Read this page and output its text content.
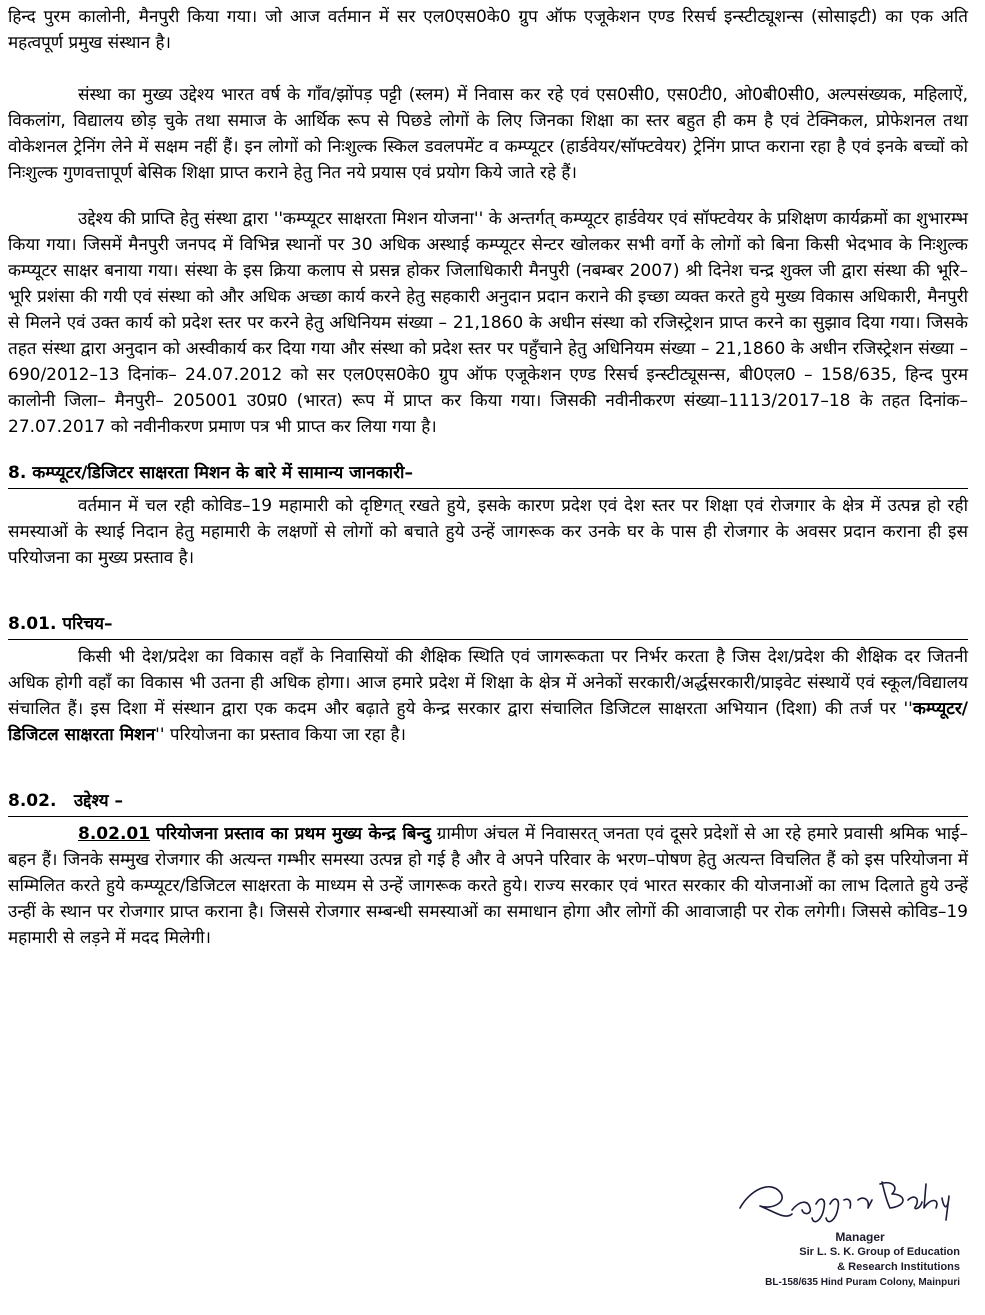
हिन्द पुरम कालोनी, मैनपुरी किया गया। जो आज वर्तमान में सर एल0एस0के0 ग्रुप ऑफ एजूकेशन एण्ड रिसर्च इन्स्टीट्यूशन्स (सोसाइटी) का एक अति महत्वपूर्ण प्रमुख संस्थान है।

संस्था का मुख्य उद्देश्य भारत वर्ष के गाँव/झोंपड़ पट्टी (स्लम) में निवास कर रहे एवं एस0सी0, एस0टी0, ओ0बी0सी0, अल्पसंख्यक, महिलाऐं, विकलांग, विद्यालय छोड़ चुके तथा समाज के आर्थिक रूप से पिछडे लोगों के लिए जिनका शिक्षा का स्तर बहुत ही कम है एवं टेक्निकल, प्रोफेशनल तथा वोकेशनल ट्रेनिंग लेने में सक्षम नहीं हैं। इन लोगों को निःशुल्क स्किल डवलपमेंट व कम्प्यूटर (हार्डवेयर/सॉफ्टवेयर) ट्रेनिंग प्राप्त कराना रहा है एवं इनके बच्चों को निःशुल्क गुणवत्तापूर्ण बेसिक शिक्षा प्राप्त कराने हेतु नित नये प्रयास एवं प्रयोग किये जाते रहे हैं।

उद्देश्य की प्राप्ति हेतु संस्था द्वारा ''कम्प्यूटर साक्षरता मिशन योजना'' के अन्तर्गत् कम्प्यूटर हार्डवेयर एवं सॉफ्टवेयर के प्रशिक्षण कार्यक्रमों का शुभारम्भ किया गया। जिसमें मैनपुरी जनपद में विभिन्न स्थानों पर 30 अधिक अस्थाई कम्प्यूटर सेन्टर खोलकर सभी वर्गो के लोगों को बिना किसी भेदभाव के निःशुल्क कम्प्यूटर साक्षर बनाया गया। संस्था के इस क्रिया कलाप से प्रसन्न होकर जिलाधिकारी मैनपुरी (नबम्बर 2007) श्री दिनेश चन्द्र शुक्ल जी द्वारा संस्था की भूरि–भूरि प्रशंसा की गयी एवं संस्था को और अधिक अच्छा कार्य करने हेतु सहकारी अनुदान प्रदान कराने की इच्छा व्यक्त करते हुये मुख्य विकास अधिकारी, मैनपुरी से मिलने एवं उक्त कार्य को प्रदेश स्तर पर करने हेतु अधिनियम संख्या – 21,1860 के अधीन संस्था को रजिस्ट्रेशन प्राप्त करने का सुझाव दिया गया। जिसके तहत संस्था द्वारा अनुदान को अस्वीकार्य कर दिया गया और संस्था को प्रदेश स्तर पर पहुँचाने हेतु अधिनियम संख्या – 21,1860 के अधीन रजिस्ट्रेशन संख्या – 690/2012–13 दिनांक– 24.07.2012 को सर एल0एस0के0 ग्रुप ऑफ एजूकेशन एण्ड रिसर्च इन्स्टीट्यूसन्स, बी0एल0 – 158/635, हिन्द पुरम कालोनी जिला– मैनपुरी– 205001 उ0प्र0 (भारत) रूप में प्राप्त कर किया गया। जिसकी नवीनीकरण संख्या–1113/2017–18 के तहत दिनांक–27.07.2017 को नवीनीकरण प्रमाण पत्र भी प्राप्त कर लिया गया है।

8. कम्प्यूटर/डिजिटर साक्षरता मिशन के बारे में सामान्य जानकारी–

वर्तमान में चल रही कोविड–19 महामारी को दृष्टिगत् रखते हुये, इसके कारण प्रदेश एवं देश स्तर पर शिक्षा एवं रोजगार के क्षेत्र में उत्पन्न हो रही समस्याओं के स्थाई निदान हेतु महामारी के लक्षणों से लोगों को बचाते हुये उन्हें जागरूक कर उनके घर के पास ही रोजगार के अवसर प्रदान कराना ही इस परियोजना का मुख्य प्रस्ताव है।

8.01. परिचय–

किसी भी देश/प्रदेश का विकास वहाँ के निवासियों की शैक्षिक स्थिति एवं जागरूकता पर निर्भर करता है जिस देश/प्रदेश की शैक्षिक दर जितनी अधिक होगी वहाँ का विकास भी उतना ही अधिक होगा। आज हमारे प्रदेश में शिक्षा के क्षेत्र में अनेकों सरकारी/अर्द्धसरकारी/प्राइवेट संस्थायें एवं स्कूल/विद्यालय संचालित हैं। इस दिशा में संस्थान द्वारा एक कदम और बढ़ाते हुये केन्द्र सरकार द्वारा संचालित डिजिटल साक्षरता अभियान (दिशा) की तर्ज पर ''कम्प्यूटर/डिजिटल साक्षरता मिशन'' परियोजना का प्रस्ताव किया जा रहा है।

8.02. उद्देश्य –

8.02.01 परियोजना प्रस्ताव का प्रथम मुख्य केन्द्र बिन्दु ग्रामीण अंचल में निवासरत् जनता एवं दूसरे प्रदेशों से आ रहे हमारे प्रवासी श्रमिक भाई–बहन हैं। जिनके सम्मुख रोजगार की अत्यन्त गम्भीर समस्या उत्पन्न हो गई है और वे अपने परिवार के भरण–पोषण हेतु अत्यन्त विचलित हैं को इस परियोजना में सम्मिलित करते हुये कम्प्यूटर/डिजिटल साक्षरता के माध्यम से उन्हें जागरूक करते हुये। राज्य सरकार एवं भारत सरकार की योजनाओं का लाभ दिलाते हुये उन्हें उन्हीं के स्थान पर रोजगार प्राप्त कराना है। जिससे रोजगार सम्बन्धी समस्याओं का समाधान होगा और लोगों की आवाजाही पर रोक लगेगी। जिससे कोविड–19 महामारी से लड़ने में मदद मिलेगी।

Manager
Sir L. S. K. Group of Education
& Research Institutions
BL-158/635 Hind Puram Colony, Mainpuri
